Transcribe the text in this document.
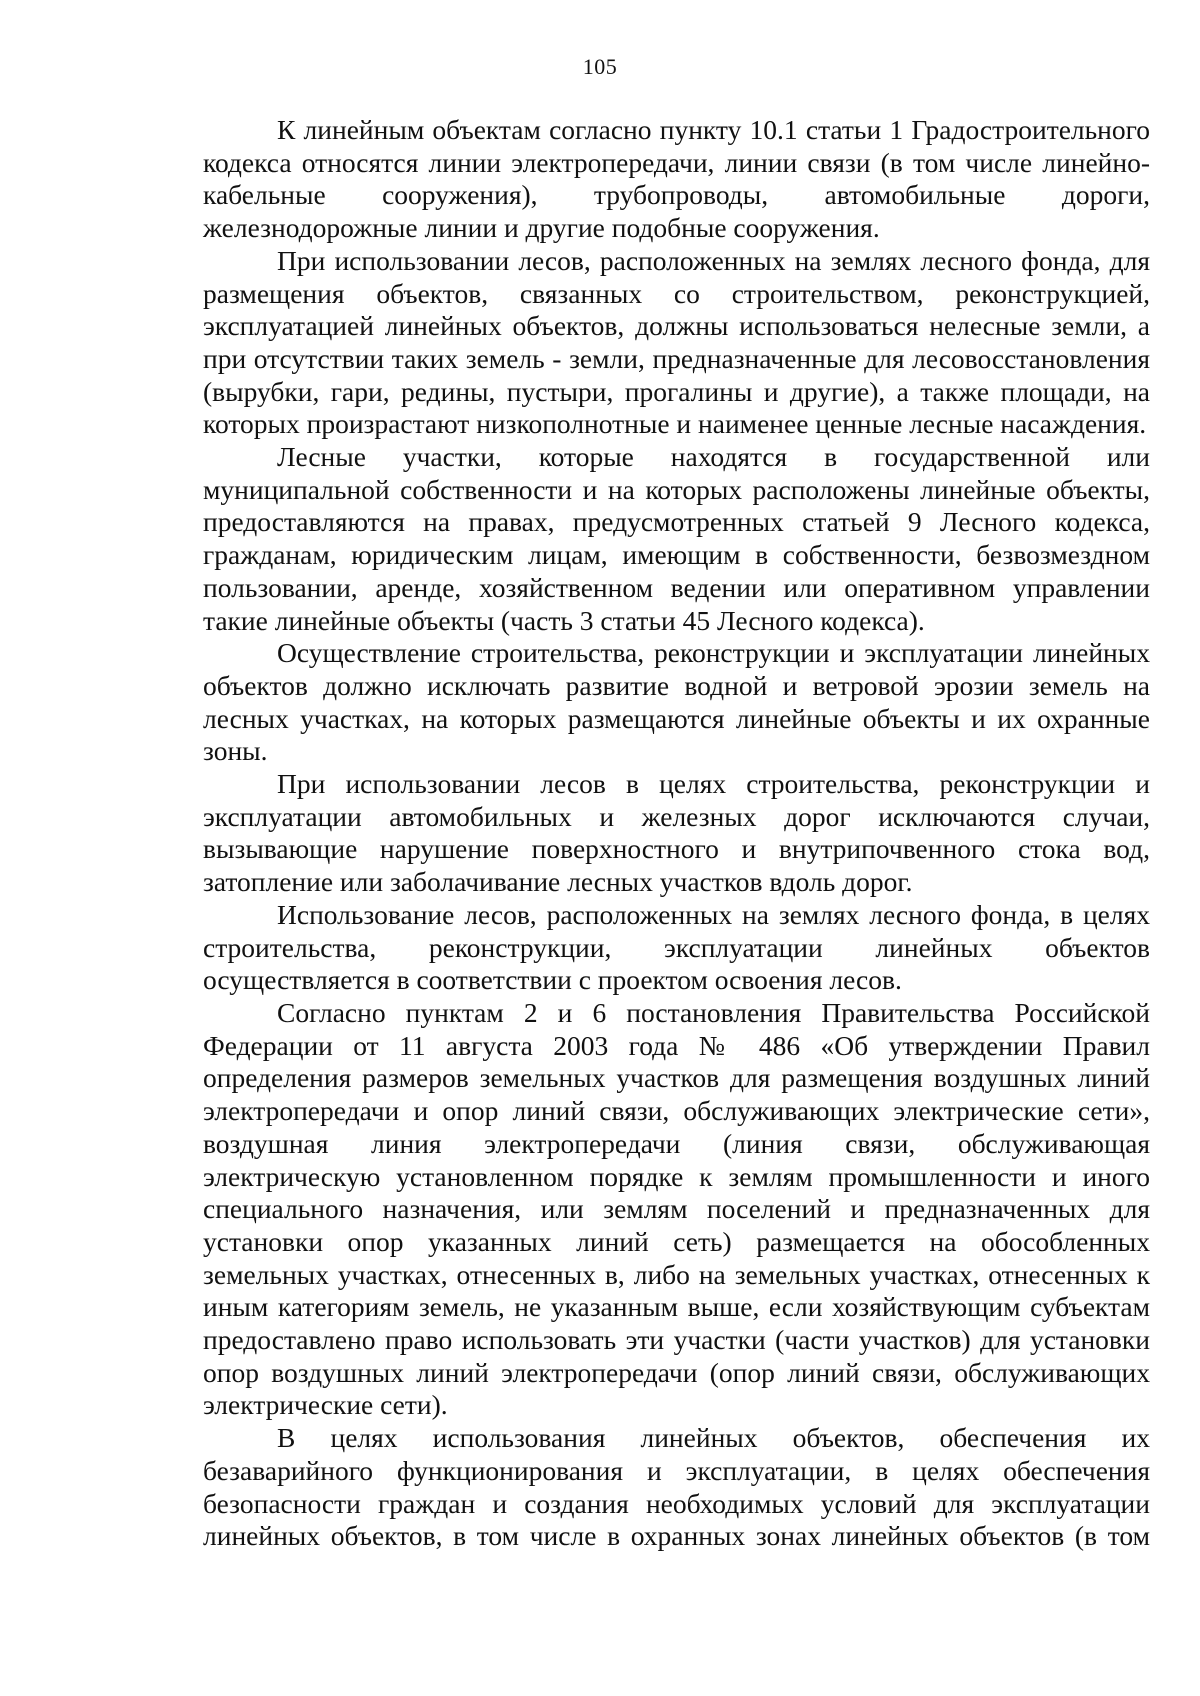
105

К линейным объектам согласно пункту 10.1 статьи 1 Градостроительного кодекса относятся линии электропередачи, линии связи (в том числе линейно-кабельные сооружения), трубопроводы, автомобильные дороги, железнодорожные линии и другие подобные сооружения.

При использовании лесов, расположенных на землях лесного фонда, для размещения объектов, связанных со строительством, реконструкцией, эксплуатацией линейных объектов, должны использоваться нелесные земли, а при отсутствии таких земель - земли, предназначенные для лесовосстановления (вырубки, гари, редины, пустыри, прогалины и другие), а также площади, на которых произрастают низкополнотные и наименее ценные лесные насаждения.

Лесные участки, которые находятся в государственной или муниципальной собственности и на которых расположены линейные объекты, предоставляются на правах, предусмотренных статьей 9 Лесного кодекса, гражданам, юридическим лицам, имеющим в собственности, безвозмездном пользовании, аренде, хозяйственном ведении или оперативном управлении такие линейные объекты (часть 3 статьи 45 Лесного кодекса).

Осуществление строительства, реконструкции и эксплуатации линейных объектов должно исключать развитие водной и ветровой эрозии земель на лесных участках, на которых размещаются линейные объекты и их охранные зоны.

При использовании лесов в целях строительства, реконструкции и эксплуатации автомобильных и железных дорог исключаются случаи, вызывающие нарушение поверхностного и внутрипочвенного стока вод, затопление или заболачивание лесных участков вдоль дорог.

Использование лесов, расположенных на землях лесного фонда, в целях строительства, реконструкции, эксплуатации линейных объектов осуществляется в соответствии с проектом освоения лесов.

Согласно пунктам 2 и 6 постановления Правительства Российской Федерации от 11 августа 2003 года № 486 «Об утверждении Правил определения размеров земельных участков для размещения воздушных линий электропередачи и опор линий связи, обслуживающих электрические сети», воздушная линия электропередачи (линия связи, обслуживающая электрическую установленном порядке к землям промышленности и иного специального назначения, или землям поселений и предназначенных для установки опор указанных линий сеть) размещается на обособленных земельных участках, отнесенных в, либо на земельных участках, отнесенных к иным категориям земель, не указанным выше, если хозяйствующим субъектам предоставлено право использовать эти участки (части участков) для установки опор воздушных линий электропередачи (опор линий связи, обслуживающих электрические сети).

В целях использования линейных объектов, обеспечения их безаварийного функционирования и эксплуатации, в целях обеспечения безопасности граждан и создания необходимых условий для эксплуатации линейных объектов, в том числе в охранных зонах линейных объектов (в том
